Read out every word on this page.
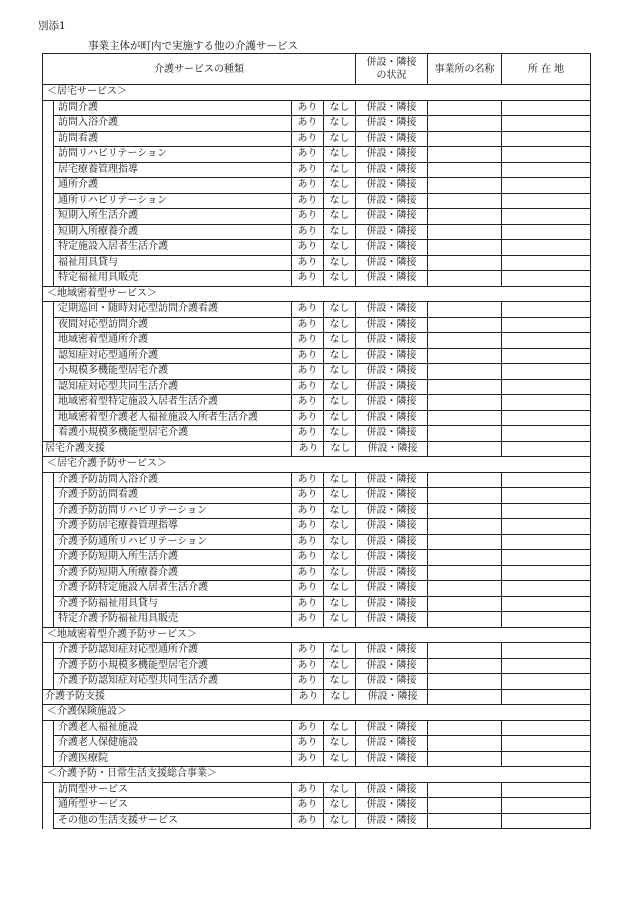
別添1
事業主体が町内で実施する他の介護サービス
介護サービスの種類				併設・隣接の状況	事業所の名称	所 在 地
＜居宅サービス＞						
	訪問介護	あり	なし	併設・隣接		
	訪問入浴介護	あり	なし	併設・隣接		
	訪問看護	あり	なし	併設・隣接		
	訪問リハビリテーション	あり	なし	併設・隣接		
	居宅療養管理指導	あり	なし	併設・隣接		
	通所介護	あり	なし	併設・隣接		
	通所リハビリテーション	あり	なし	併設・隣接		
	短期入所生活介護	あり	なし	併設・隣接		
	短期入所療養介護	あり	なし	併設・隣接		
	特定施設入居者生活介護	あり	なし	併設・隣接		
	福祉用具貸与	あり	なし	併設・隣接		
	特定福祉用具販売	あり	なし	併設・隣接		
＜地域密着型サービス＞						
	定期巡回・随時対応型訪問介護看護	あり	なし	併設・隣接		
	夜間対応型訪問介護	あり	なし	併設・隣接		
	地域密着型通所介護	あり	なし	併設・隣接		
	認知症対応型通所介護	あり	なし	併設・隣接		
	小規模多機能型居宅介護	あり	なし	併設・隣接		
	認知症対応型共同生活介護	あり	なし	併設・隣接		
	地域密着型特定施設入居者生活介護	あり	なし	併設・隣接		
	地域密着型介護老人福祉施設入所者生活介護	あり	なし	併設・隣接		
	看護小規模多機能型居宅介護	あり	なし	併設・隣接		
居宅介護支援		あり	なし	併設・隣接		
＜居宅介護予防サービス＞						
	介護予防訪問入浴介護	あり	なし	併設・隣接		
	介護予防訪問看護	あり	なし	併設・隣接		
	介護予防訪問リハビリテーション	あり	なし	併設・隣接		
	介護予防居宅療養管理指導	あり	なし	併設・隣接		
	介護予防通所リハビリテーション	あり	なし	併設・隣接		
	介護予防短期入所生活介護	あり	なし	併設・隣接		
	介護予防短期入所療養介護	あり	なし	併設・隣接		
	介護予防特定施設入居者生活介護	あり	なし	併設・隣接		
	介護予防福祉用具貸与	あり	なし	併設・隣接		
	特定介護予防福祉用具販売	あり	なし	併設・隣接		
＜地域密着型介護予防サービス＞						
	介護予防認知症対応型通所介護	あり	なし	併設・隣接		
	介護予防小規模多機能型居宅介護	あり	なし	併設・隣接		
	介護予防認知症対応型共同生活介護	あり	なし	併設・隣接		
介護予防支援		あり	なし	併設・隣接		
＜介護保険施設＞						
	介護老人福祉施設	あり	なし	併設・隣接		
	介護老人保健施設	あり	なし	併設・隣接		
	介護医療院	あり	なし	併設・隣接		
＜介護予防・日常生活支援総合事業＞						
	訪問型サービス	あり	なし	併設・隣接		
	通所型サービス	あり	なし	併設・隣接		
	その他の生活支援サービス	あり	なし	併設・隣接		
